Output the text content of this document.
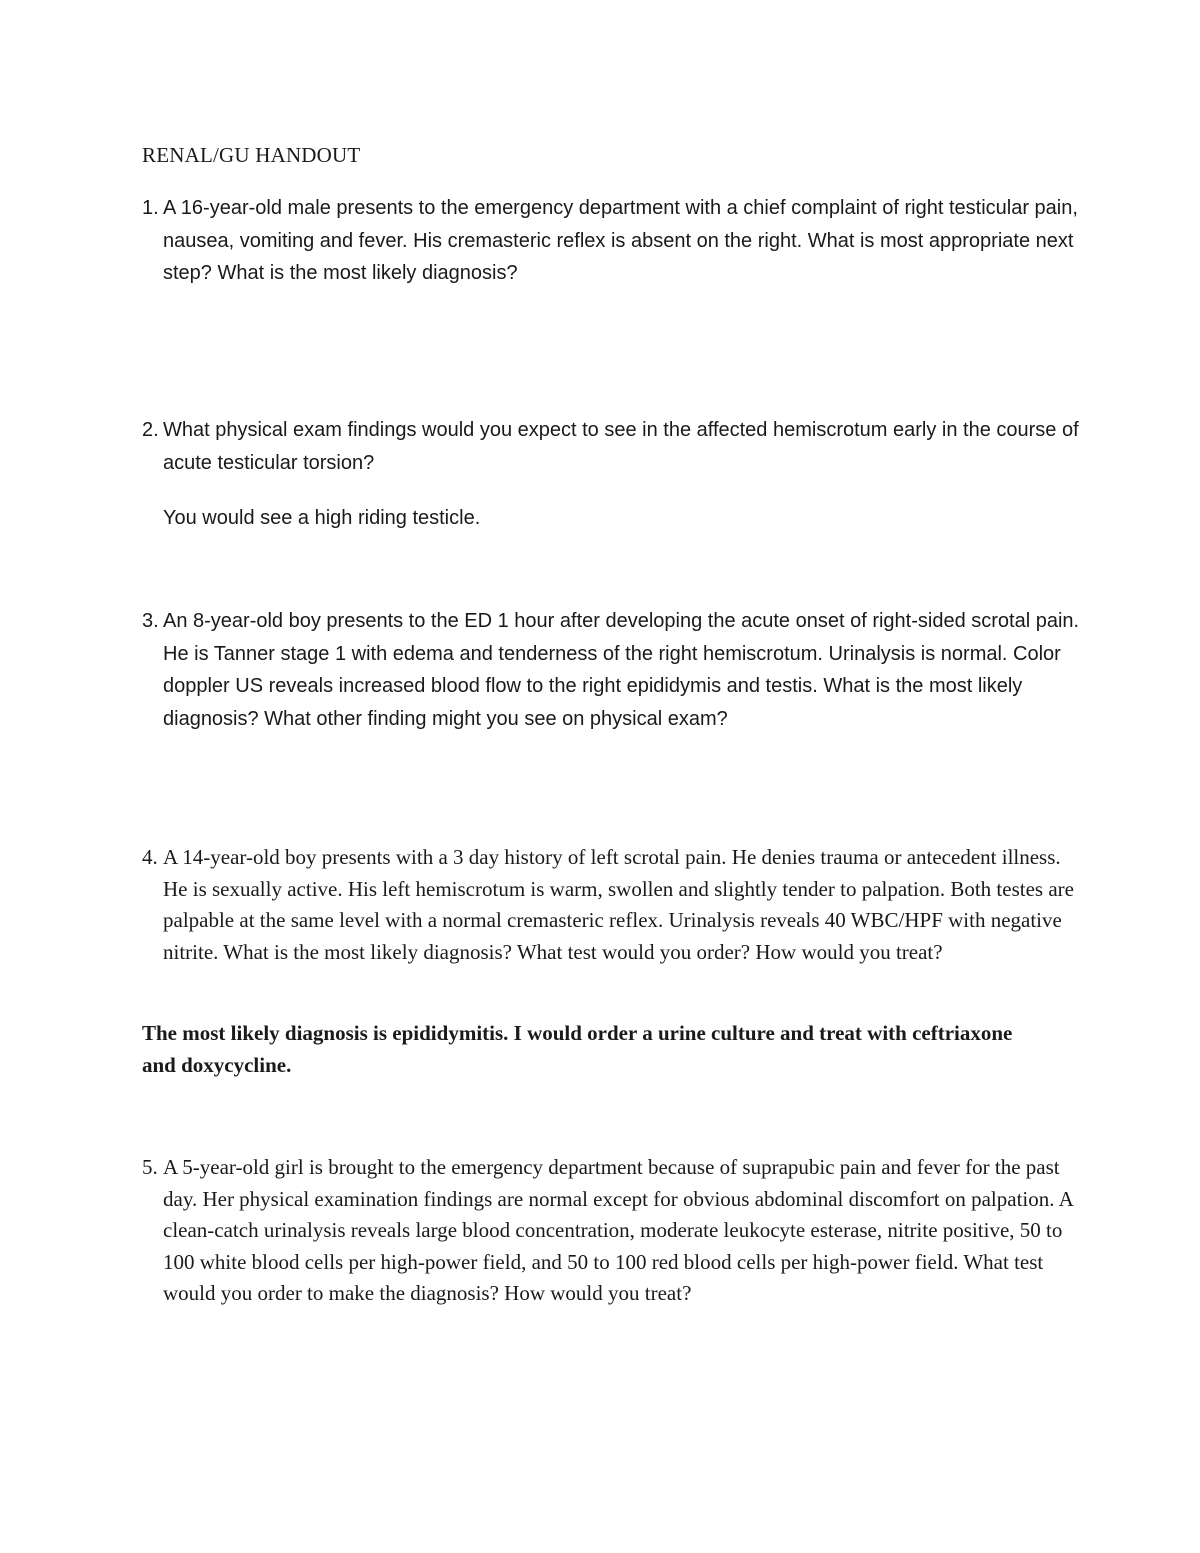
RENAL/GU HANDOUT
1. A 16-year-old male presents to the emergency department with a chief complaint of right testicular pain, nausea, vomiting and fever. His cremasteric reflex is absent on the right. What is most appropriate next step? What is the most likely diagnosis?
2. What physical exam findings would you expect to see in the affected hemiscrotum early in the course of acute testicular torsion?
You would see a high riding testicle.
3. An 8-year-old boy presents to the ED 1 hour after developing the acute onset of right-sided scrotal pain. He is Tanner stage 1 with edema and tenderness of the right hemiscrotum. Urinalysis is normal. Color doppler US reveals increased blood flow to the right epididymis and testis. What is the most likely diagnosis? What other finding might you see on physical exam?
4. A 14-year-old boy presents with a 3 day history of left scrotal pain. He denies trauma or antecedent illness. He is sexually active. His left hemiscrotum is warm, swollen and slightly tender to palpation. Both testes are palpable at the same level with a normal cremasteric reflex. Urinalysis reveals 40 WBC/HPF with negative nitrite. What is the most likely diagnosis? What test would you order? How would you treat?
The most likely diagnosis is epididymitis. I would order a urine culture and treat with ceftriaxone and doxycycline.
5. A 5-year-old girl is brought to the emergency department because of suprapubic pain and fever for the past day. Her physical examination findings are normal except for obvious abdominal discomfort on palpation. A clean-catch urinalysis reveals large blood concentration, moderate leukocyte esterase, nitrite positive, 50 to 100 white blood cells per high-power field, and 50 to 100 red blood cells per high-power field. What test would you order to make the diagnosis? How would you treat?
